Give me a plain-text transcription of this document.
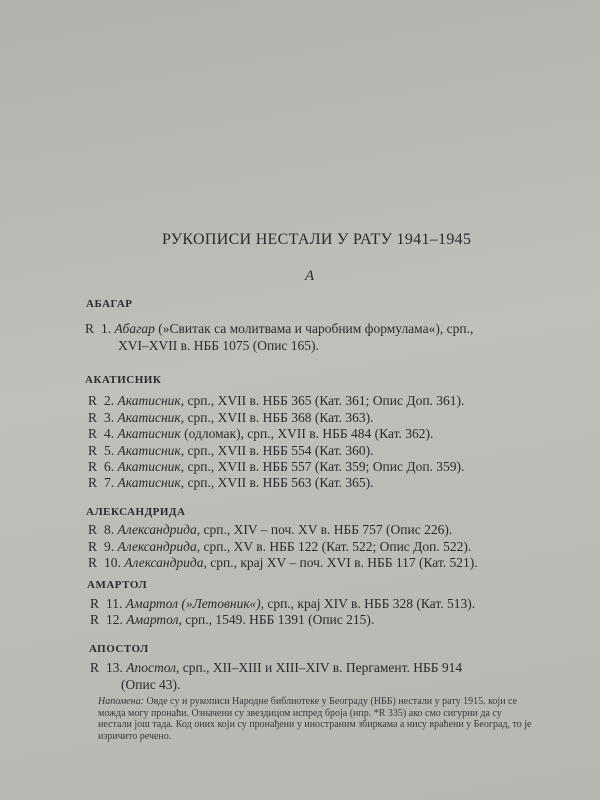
РУКОПИСИ НЕСТАЛИ У РАТУ 1941–1945
А
АБАГАР
R 1. Абагар (»Свитак са молитвама и чаробним формулама«), срп.,
XVI–XVII в. НББ 1075 (Опис 165).
АКАТИСНИК
R 2. Акатисник, срп., XVII в. НББ 365 (Кат. 361; Опис Доп. 361).
R 3. Акатисник, срп., XVII в. НББ 368 (Кат. 363).
R 4. Акатисник (одломак), срп., XVII в. НББ 484 (Кат. 362).
R 5. Акатисник, срп., XVII в. НББ 554 (Кат. 360).
R 6. Акатисник, срп., XVII в. НББ 557 (Кат. 359; Опис Доп. 359).
R 7. Акатисник, срп., XVII в. НББ 563 (Кат. 365).
АЛЕКСАНДРИДА
R 8. Александрида, срп., XIV – поч. XV в. НББ 757 (Опис 226).
R 9. Александрида, срп., XV в. НББ 122 (Кат. 522; Опис Доп. 522).
R 10. Александрида, срп., крај XV – поч. XVI в. НББ 117 (Кат. 521).
АМАРТОЛ
R 11. Амартол (»Летовник«), срп., крај XIV в. НББ 328 (Кат. 513).
R 12. Амартол, срп., 1549. НББ 1391 (Опис 215).
АПОСТОЛ
R 13. Апостол, срп., XII–XIII и XIII–XIV в. Пергамент. НББ 914
(Опис 43).
Напомена: Овде су и рукописи Народне библиотеке у Београду (НББ) нестали у рату 1915. који се можда могу пронаћи. Означени су звездицом испред броја (нпр. *R 335) ако смо сигурни да су нестали још тада. Код оних који су пронађени у иностраним збиркама а нису враћени у Београд, то је изричито речено.
